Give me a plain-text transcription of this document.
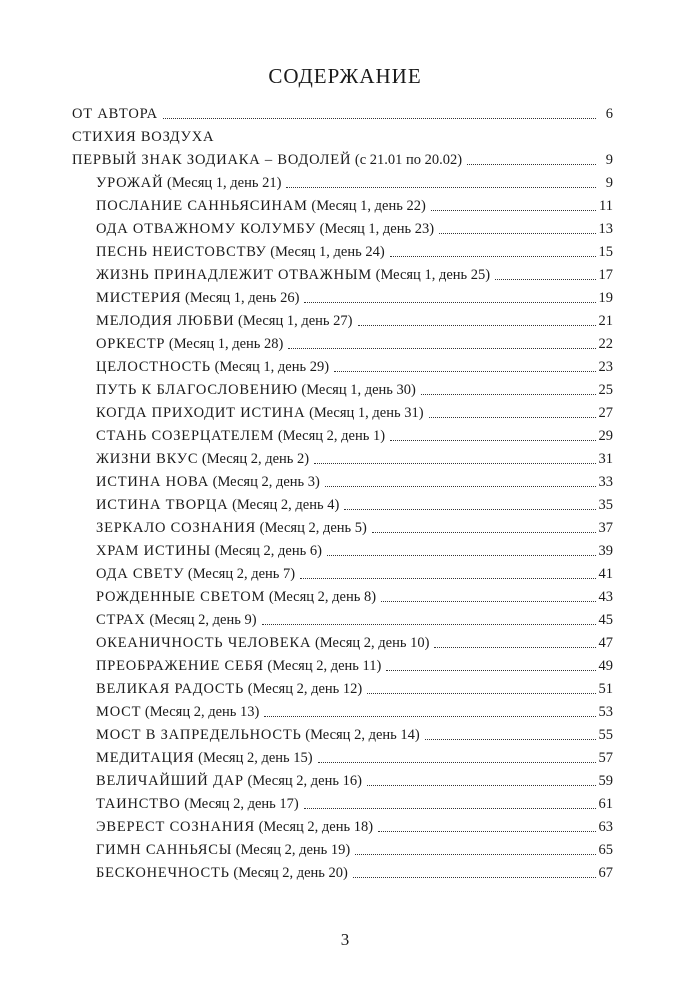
СОДЕРЖАНИЕ
ОТ АВТОРА	6
СТИХИЯ ВОЗДУХА
ПЕРВЫЙ ЗНАК ЗОДИАКА – ВОДОЛЕЙ (с 21.01 по 20.02)	9
УРОЖАЙ (Месяц 1, день 21)	9
ПОСЛАНИЕ САННЬЯСИНАМ (Месяц 1, день 22)	11
ОДА ОТВАЖНОМУ КОЛУМБУ (Месяц 1, день 23)	13
ПЕСНЬ НЕИСТОВСТВУ (Месяц 1, день 24)	15
ЖИЗНЬ ПРИНАДЛЕЖИТ ОТВАЖНЫМ (Месяц 1, день 25)	17
МИСТЕРИЯ (Месяц 1, день 26)	19
МЕЛОДИЯ ЛЮБВИ (Месяц 1, день 27)	21
ОРКЕСТР (Месяц 1, день 28)	22
ЦЕЛОСТНОСТЬ (Месяц 1, день 29)	23
ПУТЬ К БЛАГОСЛОВЕНИЮ (Месяц 1, день 30)	25
КОГДА ПРИХОДИТ ИСТИНА (Месяц 1, день 31)	27
СТАНЬ СОЗЕРЦАТЕЛЕМ (Месяц 2, день 1)	29
ЖИЗНИ ВКУС (Месяц 2, день 2)	31
ИСТИНА НОВА (Месяц 2, день 3)	33
ИСТИНА ТВОРЦА (Месяц 2, день 4)	35
ЗЕРКАЛО СОЗНАНИЯ (Месяц 2, день 5)	37
ХРАМ ИСТИНЫ (Месяц 2, день 6)	39
ОДА СВЕТУ (Месяц 2, день 7)	41
РОЖДЕННЫЕ СВЕТОМ (Месяц 2, день 8)	43
СТРАХ (Месяц 2, день 9)	45
ОКЕАНИЧНОСТЬ ЧЕЛОВЕКА (Месяц 2, день 10)	47
ПРЕОБРАЖЕНИЕ СЕБЯ (Месяц 2, день 11)	49
ВЕЛИКАЯ РАДОСТЬ (Месяц 2, день 12)	51
МОСТ (Месяц 2, день 13)	53
МОСТ В ЗАПРЕДЕЛЬНОСТЬ (Месяц 2, день 14)	55
МЕДИТАЦИЯ (Месяц 2, день 15)	57
ВЕЛИЧАЙШИЙ ДАР (Месяц 2, день 16)	59
ТАИНСТВО (Месяц 2, день 17)	61
ЭВЕРЕСТ СОЗНАНИЯ (Месяц 2, день 18)	63
ГИМН САННЬЯСЫ (Месяц 2, день 19)	65
БЕСКОНЕЧНОСТЬ (Месяц 2, день 20)	67
3
